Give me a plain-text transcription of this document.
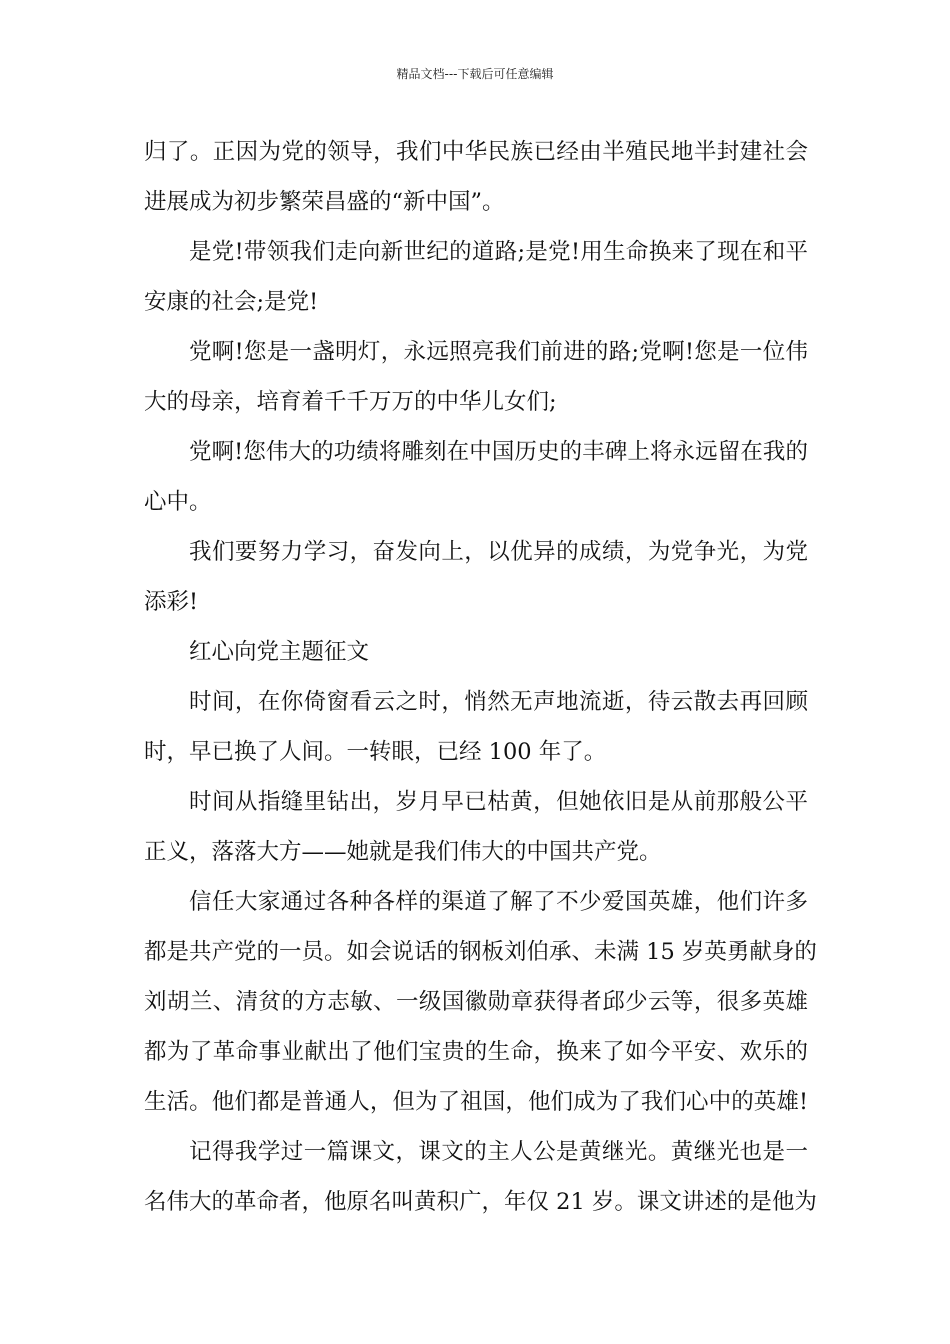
精品文档---下载后可任意编辑
归了。正因为党的领导，我们中华民族已经由半殖民地半封建社会
进展成为初步繁荣昌盛的“新中国”。
是党!带领我们走向新世纪的道路;是党!用生命换来了现在和平
安康的社会;是党!
党啊!您是一盏明灯，永远照亮我们前进的路;党啊!您是一位伟
大的母亲，培育着千千万万的中华儿女们;
党啊!您伟大的功绩将雕刻在中国历史的丰碑上将永远留在我的
心中。
我们要努力学习，奋发向上，以优异的成绩，为党争光，为党
添彩!
红心向党主题征文
时间，在你倚窗看云之时，悄然无声地流逝，待云散去再回顾
时，早已换了人间。一转眼，已经 100 年了。
时间从指缝里钻出，岁月早已枯黄，但她依旧是从前那般公平
正义，落落大方——她就是我们伟大的中国共产党。
信任大家通过各种各样的渠道了解了不少爱国英雄，他们许多
都是共产党的一员。如会说话的钢板刘伯承、未满 15 岁英勇献身的
刘胡兰、清贫的方志敏、一级国徽勋章获得者邱少云等，很多英雄
都为了革命事业献出了他们宝贵的生命，换来了如今平安、欢乐的
生活。他们都是普通人，但为了祖国，他们成为了我们心中的英雄!
记得我学过一篇课文，课文的主人公是黄继光。黄继光也是一
名伟大的革命者，他原名叫黄积广，年仅 21 岁。课文讲述的是他为
